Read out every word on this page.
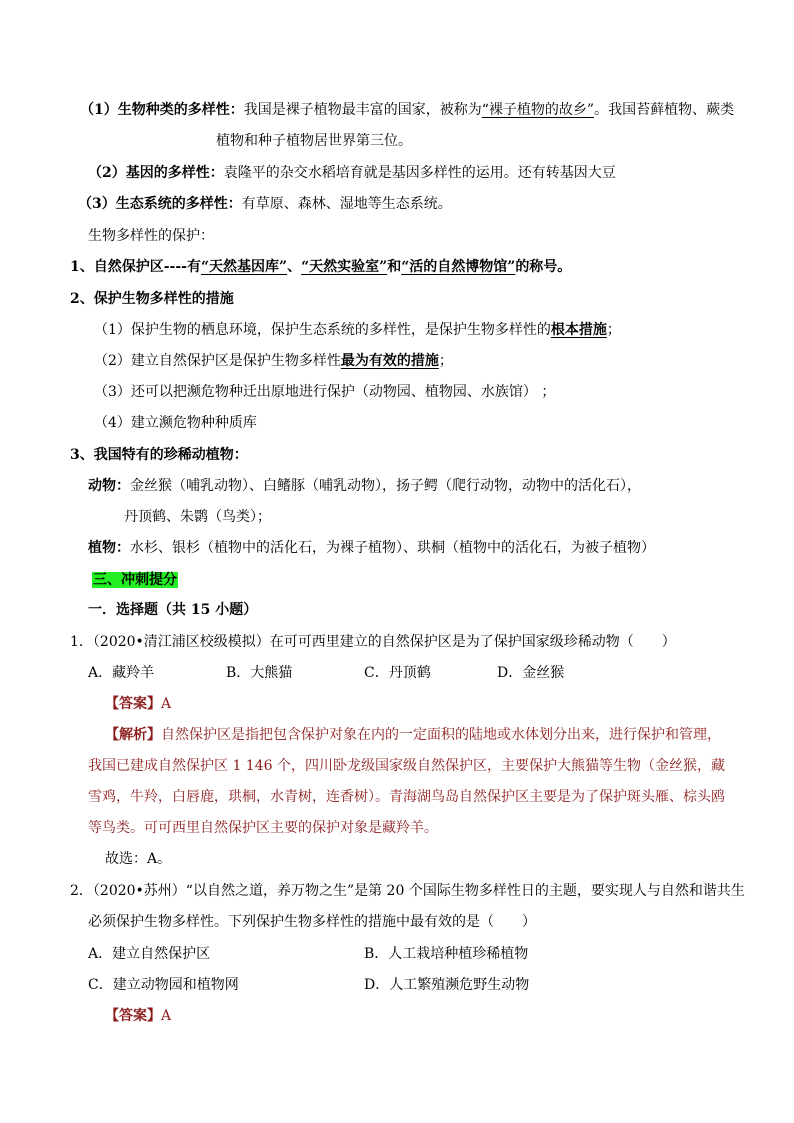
（1）生物种类的多样性：我国是裸子植物最丰富的国家，被称为“裸子植物的故乡”。我国苔藓植物、蕨类
植物和种子植物居世界第三位。
（2）基因的多样性：袁隆平的杂交水稻培育就是基因多样性的运用。还有转基因大豆
（3）生态系统的多样性：有草原、森林、湿地等生态系统。
生物多样性的保护：
1、自然保护区----有“天然基因库”、“天然实验室”和“活的自然博物馆”的称号。
2、保护生物多样性的措施
（1）保护生物的栖息环境，保护生态系统的多样性，是保护生物多样性的根本措施；
（2）建立自然保护区是保护生物多样性最为有效的措施；
（3）还可以把濒危物种迁出原地进行保护（动物园、植物园、水族馆） ；
（4）建立濒危物种种质库
3、我国特有的珍稀动植物：
动物：金丝猴（哺乳动物）、白鳍豚（哺乳动物），扬子鳄（爬行动物，动物中的活化石），
丹顶鹤、朱鹮（鸟类）；
植物：水杉、银杉（植物中的活化石，为裸子植物）、珙桐（植物中的活化石，为被子植物）
三、冲刺提分
一．选择题（共 15 小题）
1．（2020•清江浦区校级模拟）在可可西里建立的自然保护区是为了保护国家级珍稀动物（　　）
A．藏羚羊	B．大熊猫	C．丹顶鹤	D．金丝猴
【答案】A
【解析】自然保护区是指把包含保护对象在内的一定面积的陆地或水体划分出来，进行保护和管理，
我国已建成自然保护区 1 146 个，四川卧龙级国家级自然保护区，主要保护大熊猫等生物（金丝猴，藏
雪鸡，牛羚，白唇鹿，珙桐，水青树，连香树）。青海湖鸟岛自然保护区主要是为了保护斑头雁、棕头鸥
等鸟类。可可西里自然保护区主要的保护对象是藏羚羊。
故选：A。
2．（2020•苏州）“以自然之道，养万物之生”是第 20 个国际生物多样性日的主题，要实现人与自然和谐共生
必须保护生物多样性。下列保护生物多样性的措施中最有效的是（　　）
A．建立自然保护区	B．人工栽培种植珍稀植物
C．建立动物园和植物网	D．人工繁殖濒危野生动物
【答案】A
